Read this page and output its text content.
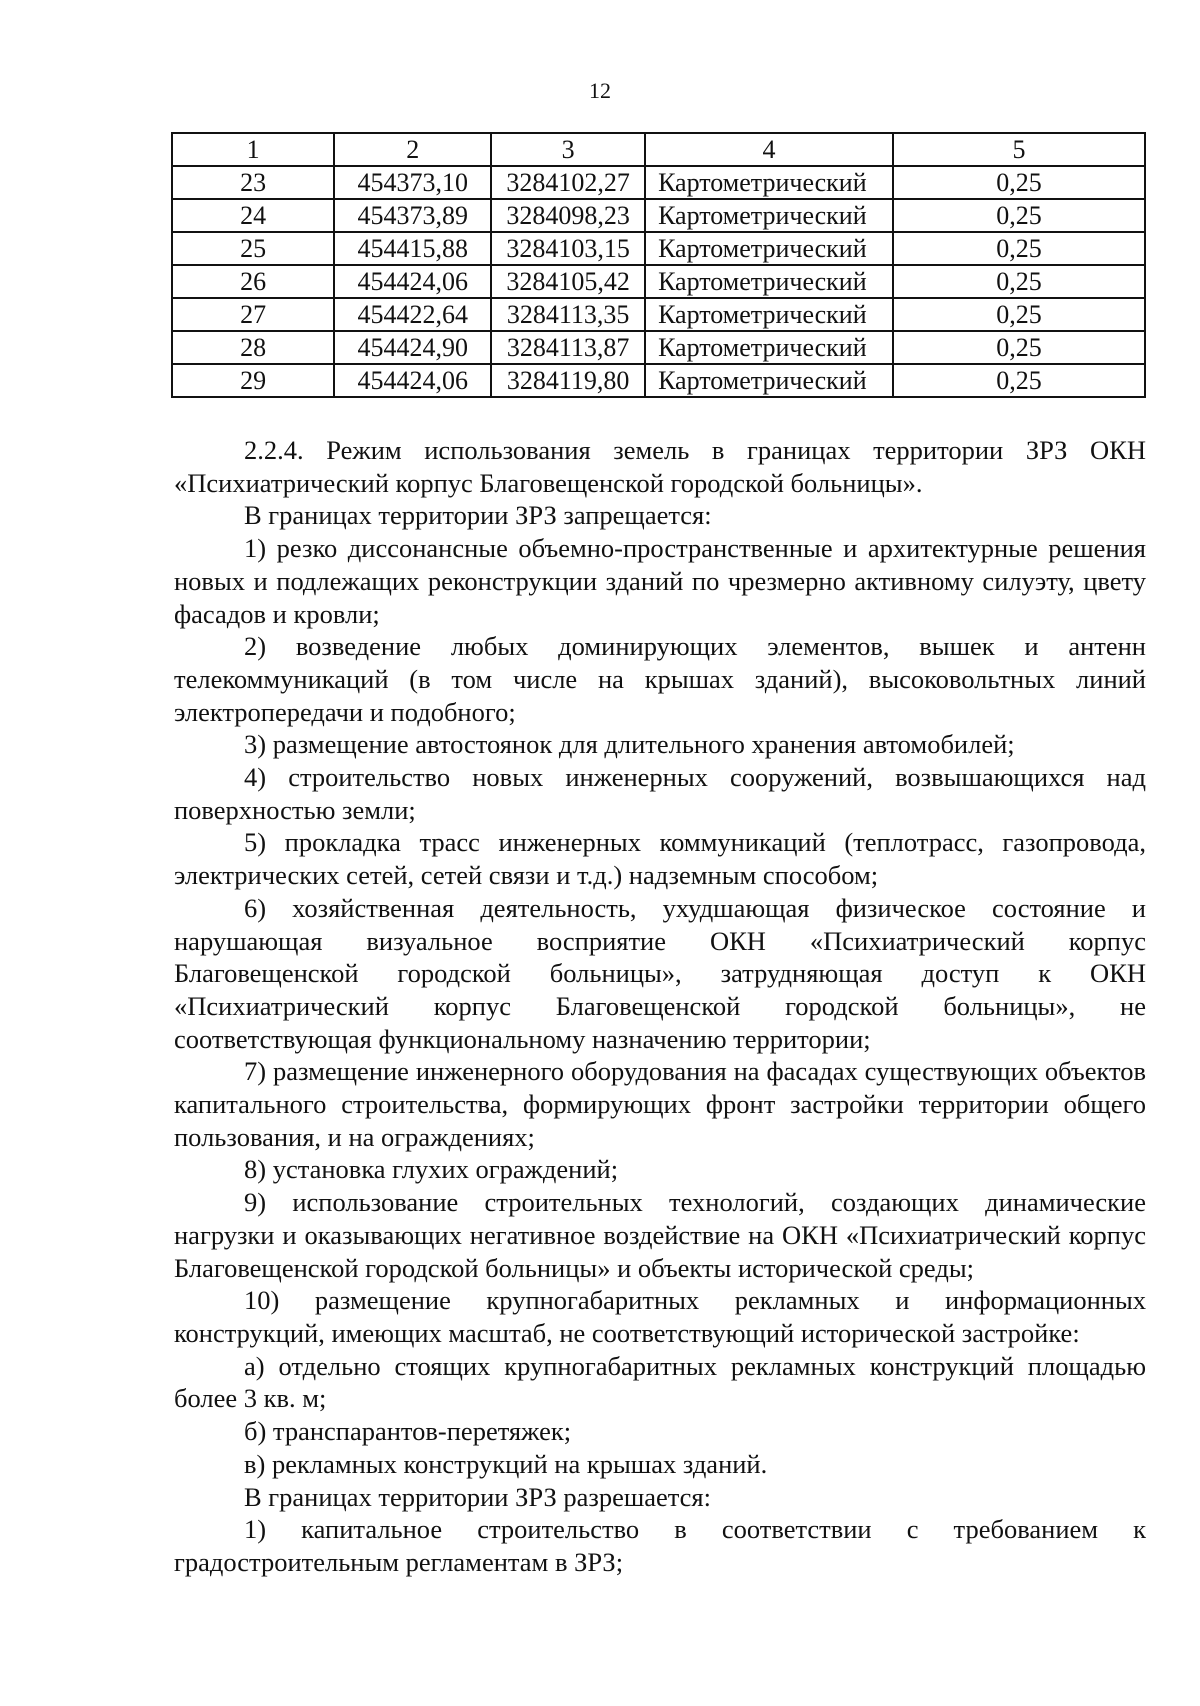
12
1	2	3	4	5
23	454373,10	3284102,27	Картометрический	0,25
24	454373,89	3284098,23	Картометрический	0,25
25	454415,88	3284103,15	Картометрический	0,25
26	454424,06	3284105,42	Картометрический	0,25
27	454422,64	3284113,35	Картометрический	0,25
28	454424,90	3284113,87	Картометрический	0,25
29	454424,06	3284119,80	Картометрический	0,25

2.2.4. Режим использования земель в границах территории ЗРЗ ОКН «Психиатрический корпус Благовещенской городской больницы».

В границах территории ЗРЗ запрещается:

1) резко диссонансные объемно-пространственные и архитектурные решения новых и подлежащих реконструкции зданий по чрезмерно активному силуэту, цвету фасадов и кровли;

2) возведение любых доминирующих элементов, вышек и антенн телекоммуникаций (в том числе на крышах зданий), высоковольтных линий электропередачи и подобного;

3) размещение автостоянок для длительного хранения автомобилей;

4) строительство новых инженерных сооружений, возвышающихся над поверхностью земли;

5) прокладка трасс инженерных коммуникаций (теплотрасс, газопровода, электрических сетей, сетей связи и т.д.) надземным способом;

6) хозяйственная деятельность, ухудшающая физическое состояние и нарушающая визуальное восприятие ОКН «Психиатрический корпус Благовещенской городской больницы», затрудняющая доступ к ОКН «Психиатрический корпус Благовещенской городской больницы», не соответствующая функциональному назначению территории;

7) размещение инженерного оборудования на фасадах существующих объектов капитального строительства, формирующих фронт застройки территории общего пользования, и на ограждениях;

8) установка глухих ограждений;

9) использование строительных технологий, создающих динамические нагрузки и оказывающих негативное воздействие на ОКН «Психиатрический корпус Благовещенской городской больницы» и объекты исторической среды;

10) размещение крупногабаритных рекламных и информационных конструкций, имеющих масштаб, не соответствующий исторической застройке:

а) отдельно стоящих крупногабаритных рекламных конструкций площадью более 3 кв. м;

б) транспарантов-перетяжек;

в) рекламных конструкций на крышах зданий.

В границах территории ЗРЗ разрешается:

1) капитальное строительство в соответствии с требованием к градостроительным регламентам в ЗРЗ;
